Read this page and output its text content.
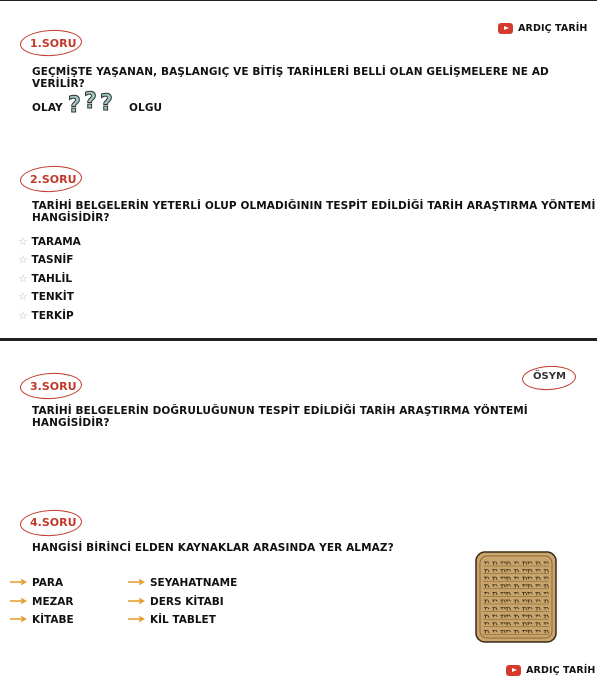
ARDIÇ TARİH
1.SORU
GEÇMİŞTE YAŞANAN, BAŞLANGIÇ VE BİTİŞ TARİHLERİ BELLİ OLAN GELİŞMELERE NE AD VERİLİR?
OLAY ? ? ? OLGU
2.SORU
TARİHİ BELGELERİN YETERLİ OLUP OLMADIĞININ TESPİT EDİLDİĞİ TARİH ARAŞTIRMA YÖNTEMİ HANGİSİDİR?
☆ TARAMA
☆ TASNİF
☆ TAHLİL
☆ TENKİT
☆ TERKİP
3.SORU
ÖSYM
TARİHİ BELGELERİN DOĞRULUĞUNUN TESPİT EDİLDİĞİ TARİH ARAŞTIRMA YÖNTEMİ HANGİSİDİR?
4.SORU
HANGİSİ BİRİNCİ ELDEN KAYNAKLAR ARASINDA YER ALMAZ?
PARA
MEZAR
KİTABE
SEYAHATNAME
DERS KİTABI
KİL TABLET
ARDIÇ TARİH
